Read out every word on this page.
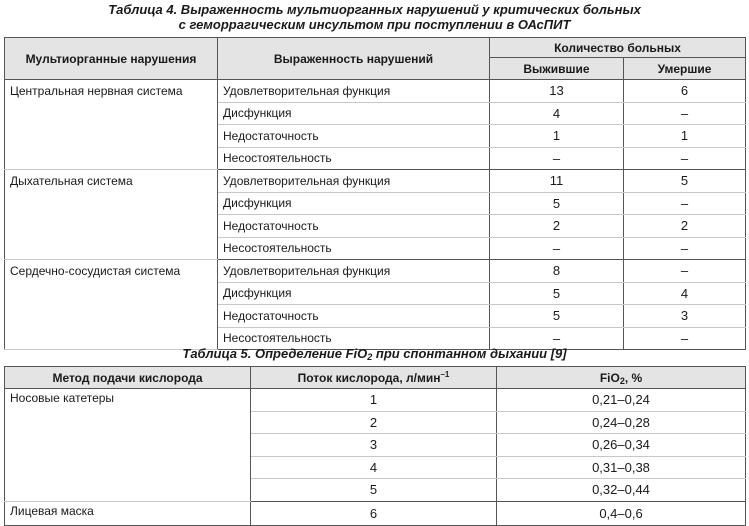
Таблица 4. Выраженность мультиорганных нарушений у критических больных
с геморрагическим инсультом при поступлении в ОАсПИТ
Мультиорганные нарушения	Выраженность нарушений	Количество больных	
		Выжившие	Умершие
Центральная нервная система	Удовлетворительная функция	13	6
	Дисфункция	4	–
	Недостаточность	1	1
	Несостоятельность	–	–
Дыхательная система	Удовлетворительная функция	11	5
	Дисфункция	5	–
	Недостаточность	2	2
	Несостоятельность	–	–
Сердечно-сосудистая система	Удовлетворительная функция	8	–
	Дисфункция	5	4
	Недостаточность	5	3
	Несостоятельность	–	–
Таблица 5. Определение FiO$_2$ при спонтанном дыхании [9]
Метод подачи кислорода	Поток кислорода, л/мин$^{-1}$	FiO$_2$, %
Носовые катетеры	1	0,21–0,24
	2	0,24–0,28
	3	0,26–0,34
	4	0,31–0,38
	5	0,32–0,44
Лицевая маска	6	0,4–0,6
